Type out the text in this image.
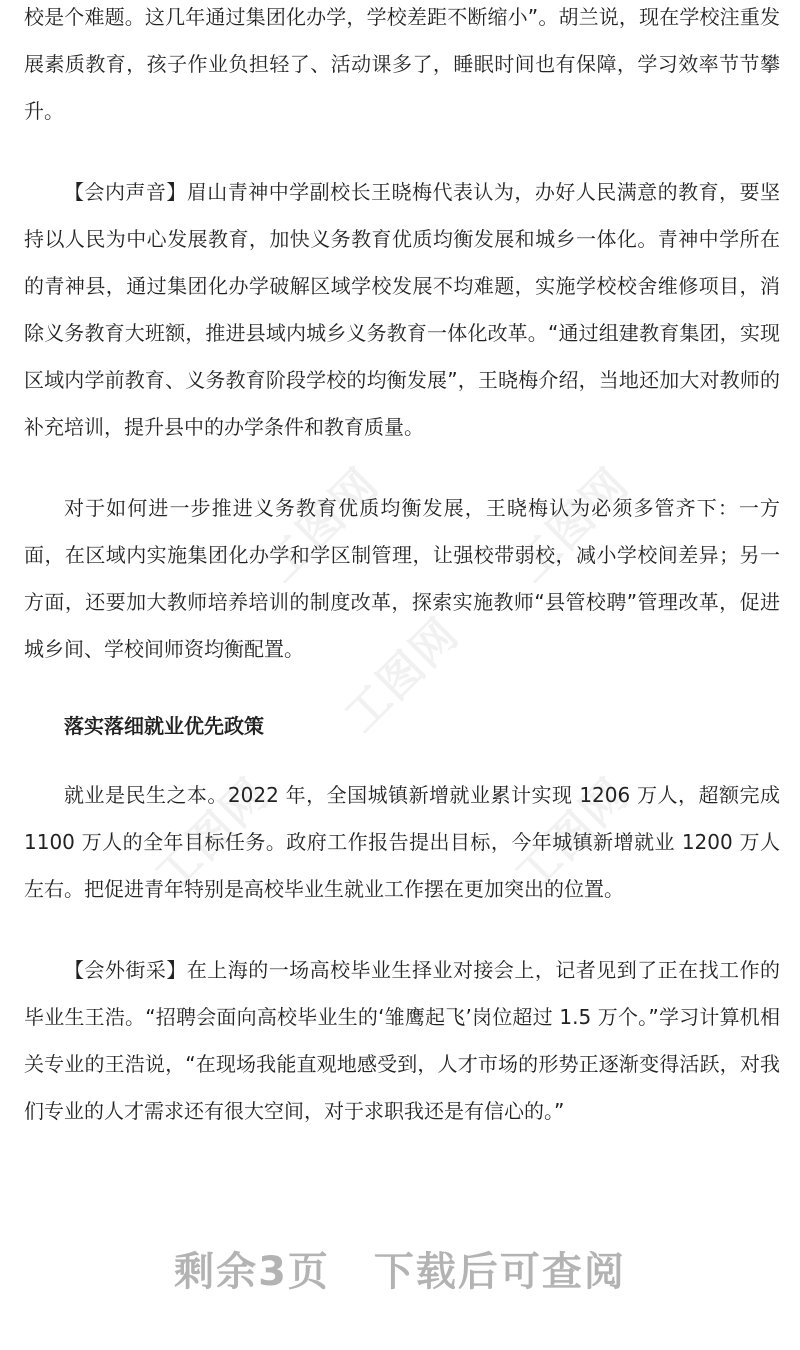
工图网	工图网
工图网
工图网	工图网

校是个难题。这几年通过集团化办学，学校差距不断缩小”。胡兰说，现在学校注重发展素质教育，孩子作业负担轻了、活动课多了，睡眠时间也有保障，学习效率节节攀升。

【会内声音】眉山青神中学副校长王晓梅代表认为，办好人民满意的教育，要坚持以人民为中心发展教育，加快义务教育优质均衡发展和城乡一体化。青神中学所在的青神县，通过集团化办学破解区域学校发展不均难题，实施学校校舍维修项目，消除义务教育大班额，推进县域内城乡义务教育一体化改革。“通过组建教育集团，实现区域内学前教育、义务教育阶段学校的均衡发展”，王晓梅介绍，当地还加大对教师的补充培训，提升县中的办学条件和教育质量。

对于如何进一步推进义务教育优质均衡发展，王晓梅认为必须多管齐下：一方面，在区域内实施集团化办学和学区制管理，让强校带弱校，减小学校间差异；另一方面，还要加大教师培养培训的制度改革，探索实施教师“县管校聘”管理改革，促进城乡间、学校间师资均衡配置。

落实落细就业优先政策

就业是民生之本。2022 年，全国城镇新增就业累计实现 1206 万人，超额完成 1100 万人的全年目标任务。政府工作报告提出目标，今年城镇新增就业 1200 万人左右。把促进青年特别是高校毕业生就业工作摆在更加突出的位置。

【会外街采】在上海的一场高校毕业生择业对接会上，记者见到了正在找工作的毕业生王浩。“招聘会面向高校毕业生的‘雏鹰起飞’岗位超过 1.5 万个。”学习计算机相关专业的王浩说，“在现场我能直观地感受到，人才市场的形势正逐渐变得活跃，对我们专业的人才需求还有很大空间，对于求职我还是有信心的。”

剩余3页 下载后可查阅
